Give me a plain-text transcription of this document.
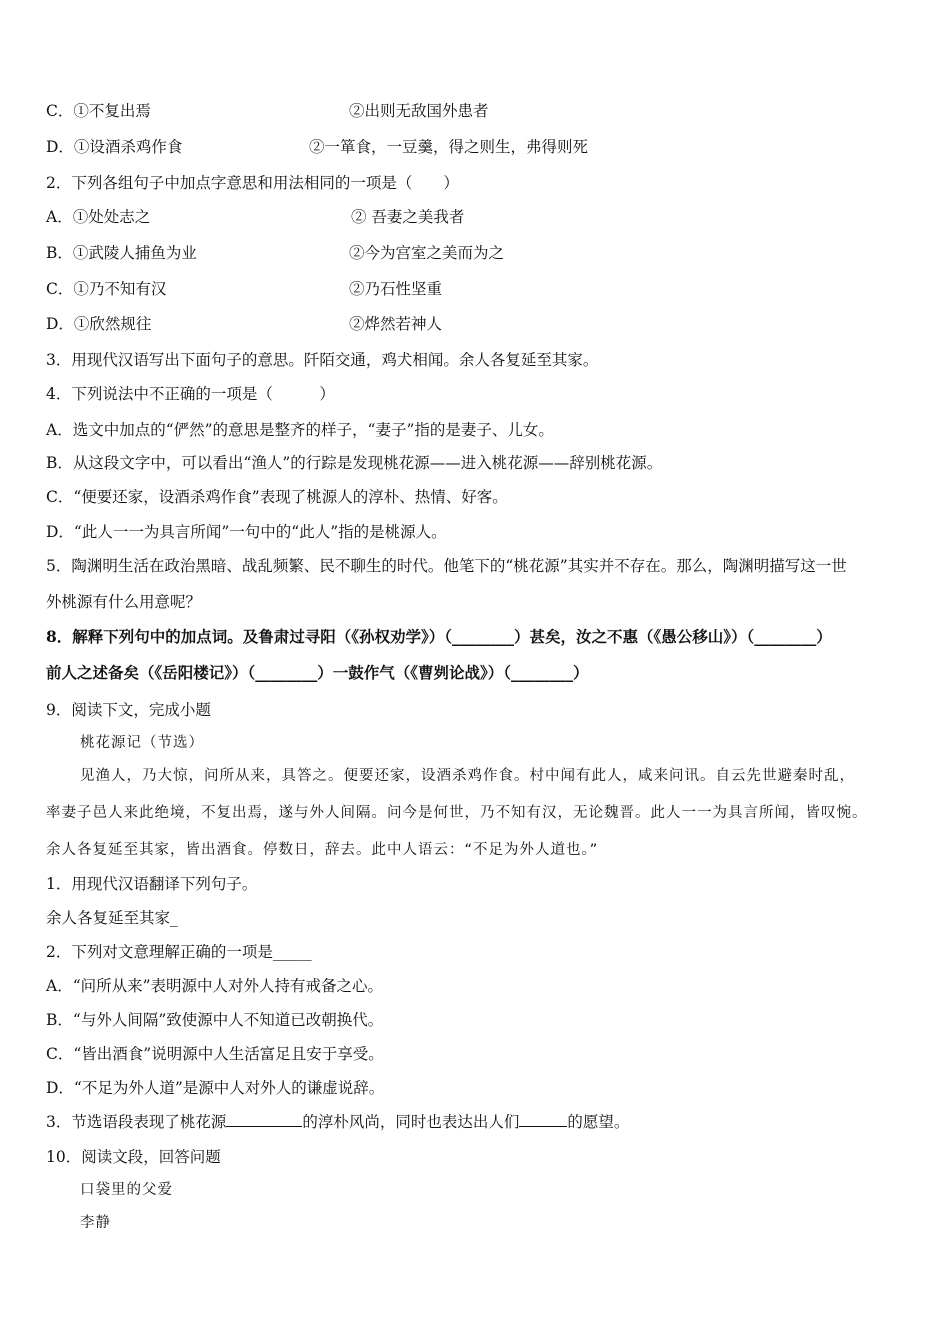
C．①不复出焉	②出则无敌国外患者
D．①设酒杀鸡作食	②一箪食，一豆羹，得之则生，弗得则死
2．下列各组句子中加点字意思和用法相同的一项是（　　）
A．①处处志之	② 吾妻之美我者
B．①武陵人捕鱼为业	②今为宫室之美而为之
C．①乃不知有汉	②乃石性坚重
D．①欣然规往	②烨然若神人
3．用现代汉语写出下面句子的意思。阡陌交通，鸡犬相闻。余人各复延至其家。
4．下列说法中不正确的一项是（　　　）
A．选文中加点的“俨然”的意思是整齐的样子，“妻子”指的是妻子、儿女。
B．从这段文字中，可以看出“渔人”的行踪是发现桃花源——进入桃花源——辞别桃花源。
C．“便要还家，设酒杀鸡作食”表现了桃源人的淳朴、热情、好客。
D．“此人一一为具言所闻”一句中的“此人”指的是桃源人。
5．陶渊明生活在政治黑暗、战乱频繁、民不聊生的时代。他笔下的“桃花源”其实并不存在。那么，陶渊明描写这一世
外桃源有什么用意呢？
8．解释下列句中的加点词。及鲁肃过寻阳（《孙权劝学》）（________）甚矣，汝之不惠（《愚公移山》）（________）
前人之述备矣（《岳阳楼记》）（________）一鼓作气（《曹刿论战》）（________）
9．阅读下文，完成小题
桃花源记（节选）
见渔人，乃大惊，问所从来，具答之。便要还家，设酒杀鸡作食。村中闻有此人，咸来问讯。自云先世避秦时乱，
率妻子邑人来此绝境，不复出焉，遂与外人间隔。问今是何世，乃不知有汉，无论魏晋。此人一一为具言所闻，皆叹惋。
余人各复延至其家，皆出酒食。停数日，辞去。此中人语云：“不足为外人道也。”
1．用现代汉语翻译下列句子。
余人各复延至其家_
2．下列对文意理解正确的一项是_____
A．“问所从来”表明源中人对外人持有戒备之心。
B．“与外人间隔”致使源中人不知道已改朝换代。
C．“皆出酒食”说明源中人生活富足且安于享受。
D．“不足为外人道”是源中人对外人的谦虚说辞。
3．节选语段表现了桃花源	的淳朴风尚，同时也表达出人们	的愿望。
10．阅读文段，回答问题
口袋里的父爱
李静
